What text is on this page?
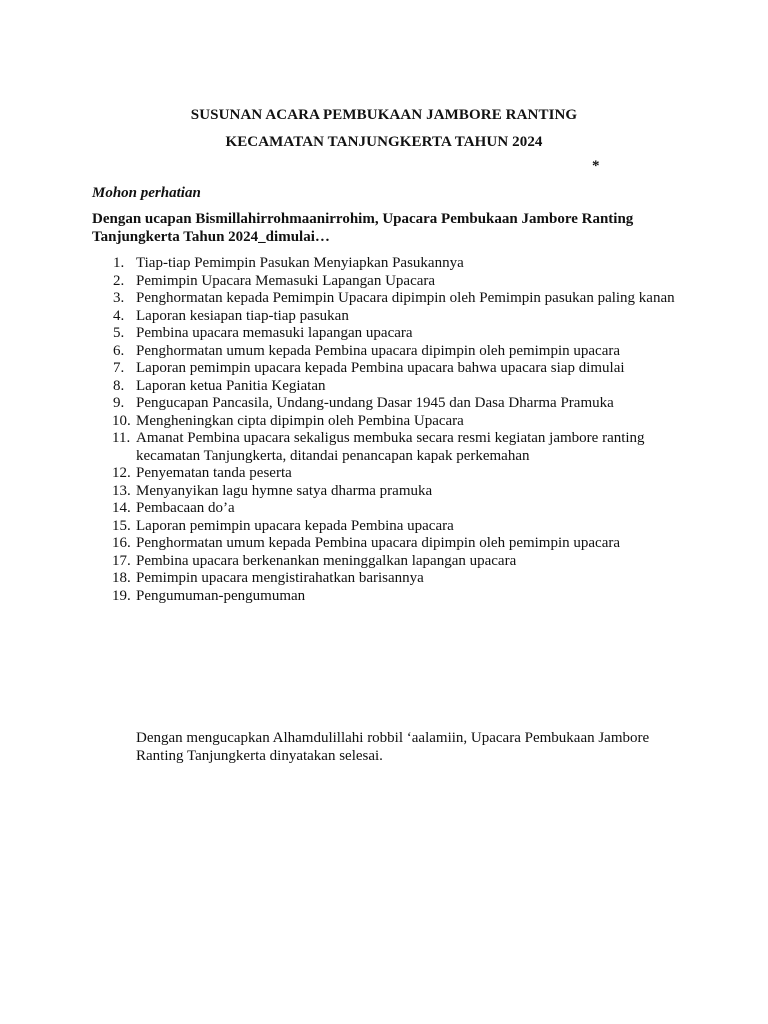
SUSUNAN ACARA PEMBUKAAN JAMBORE RANTING
KECAMATAN TANJUNGKERTA TAHUN 2024
*
Mohon perhatian
Dengan ucapan Bismillahirrohmaanirrohim, Upacara Pembukaan Jambore Ranting Tanjungkerta Tahun 2024_dimulai…
1. Tiap-tiap Pemimpin Pasukan Menyiapkan Pasukannya
2. Pemimpin Upacara Memasuki Lapangan Upacara
3. Penghormatan kepada Pemimpin Upacara dipimpin oleh Pemimpin pasukan paling kanan
4. Laporan kesiapan tiap-tiap pasukan
5. Pembina upacara memasuki lapangan upacara
6. Penghormatan umum kepada Pembina upacara dipimpin oleh pemimpin upacara
7. Laporan pemimpin upacara kepada Pembina upacara bahwa upacara siap dimulai
8. Laporan ketua Panitia Kegiatan
9. Pengucapan Pancasila, Undang-undang Dasar 1945 dan Dasa Dharma Pramuka
10. Mengheningkan cipta dipimpin oleh Pembina Upacara
11. Amanat Pembina upacara sekaligus membuka secara resmi kegiatan jambore ranting kecamatan Tanjungkerta, ditandai penancapan kapak perkemahan
12. Penyematan tanda peserta
13. Menyanyikan lagu hymne satya dharma pramuka
14. Pembacaan do’a
15. Laporan pemimpin upacara kepada Pembina upacara
16. Penghormatan umum kepada Pembina upacara dipimpin oleh pemimpin upacara
17. Pembina upacara berkenankan meninggalkan lapangan upacara
18. Pemimpin upacara mengistirahatkan barisannya
19. Pengumuman-pengumuman
Dengan mengucapkan Alhamdulillahi robbil ‘aalamiin, Upacara Pembukaan Jambore Ranting Tanjungkerta dinyatakan selesai.
